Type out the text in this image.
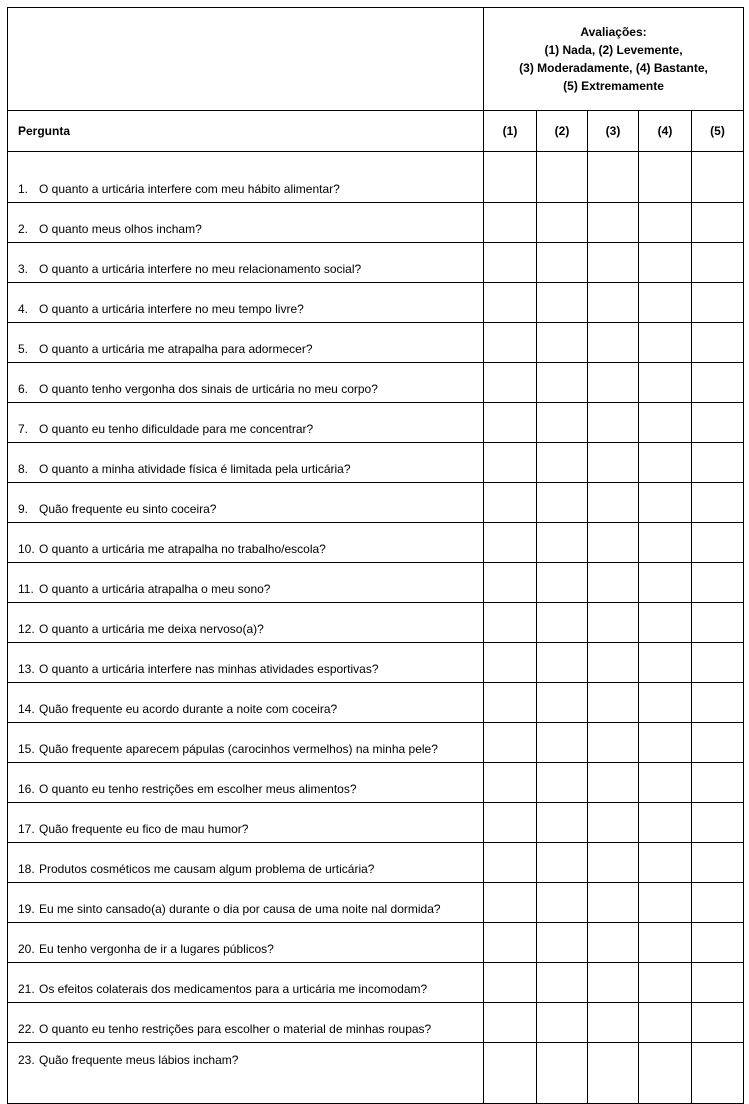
	Avaliações:
(1) Nada, (2) Levemente,
(3) Moderadamente, (4) Bastante,
(5) Extremamente				

Pergunta	(1)	(2)	(3)	(4)	(5)
1. O quanto a urticária interfere com meu hábito alimentar?					
2. O quanto meus olhos incham?					
3. O quanto a urticária interfere no meu relacionamento social?					
4. O quanto a urticária interfere no meu tempo livre?					
5. O quanto a urticária me atrapalha para adormecer?					
6. O quanto tenho vergonha dos sinais de urticária no meu corpo?					
7. O quanto eu tenho dificuldade para me concentrar?					
8. O quanto a minha atividade física é limitada pela urticária?					
9. Quão frequente eu sinto coceira?					
10. O quanto a urticária me atrapalha no trabalho/escola?					
11. O quanto a urticária atrapalha o meu sono?					
12. O quanto a urticária me deixa nervoso(a)?					
13. O quanto a urticária interfere nas minhas atividades esportivas?					
14. Quão frequente eu acordo durante a noite com coceira?					
15. Quão frequente aparecem pápulas (carocinhos vermelhos) na minha pele?					
16. O quanto eu tenho restrições em escolher meus alimentos?					
17. Quão frequente eu fico de mau humor?					
18. Produtos cosméticos me causam algum problema de urticária?					
19. Eu me sinto cansado(a) durante o dia por causa de uma noite nal dormida?					
20. Eu tenho vergonha de ir a lugares públicos?					
21. Os efeitos colaterais dos medicamentos para a urticária me incomodam?					
22. O quanto eu tenho restrições para escolher o material de minhas roupas?					
23. Quão frequente meus lábios incham?					
